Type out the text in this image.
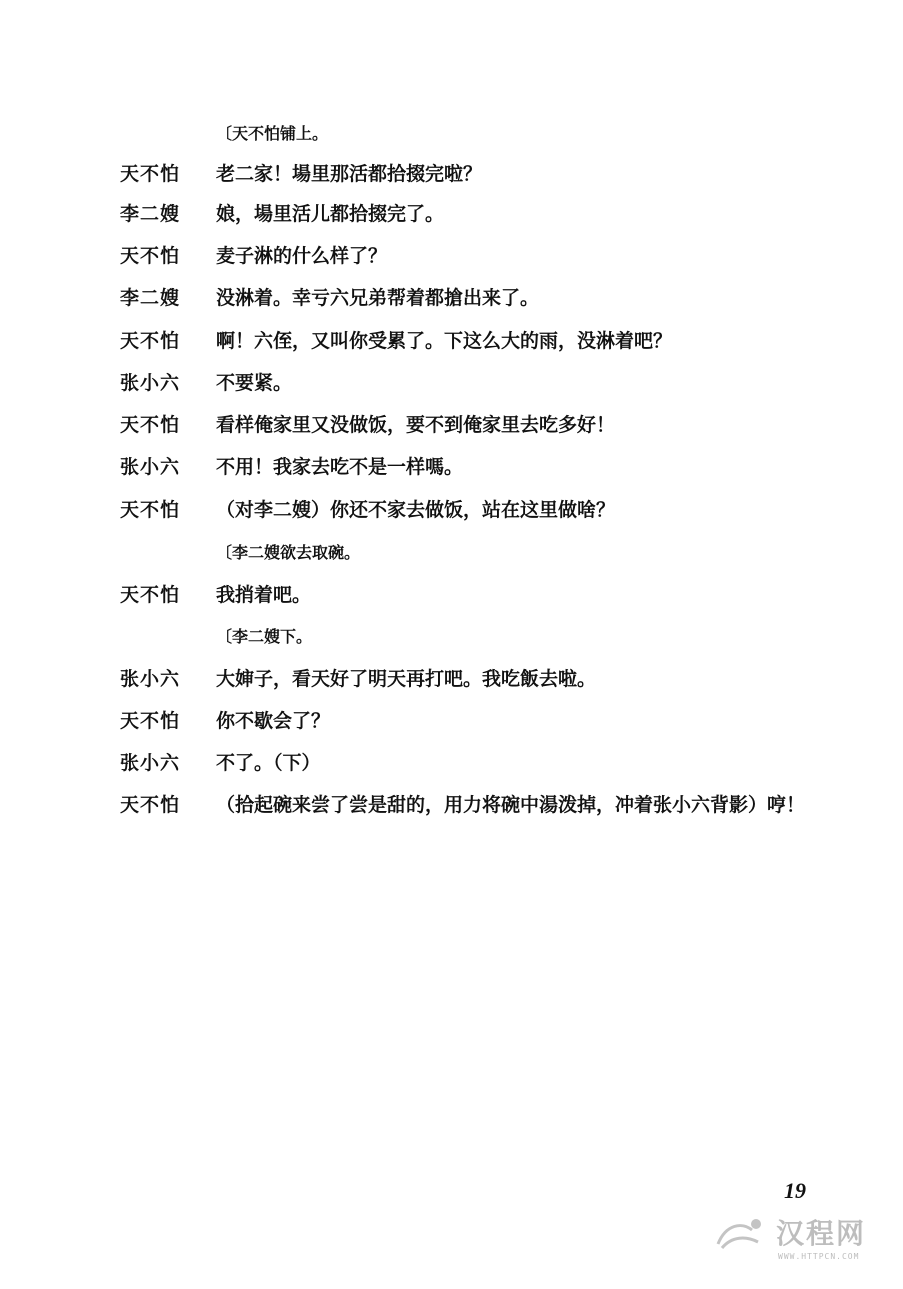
〔天不怕铺上。
天不怕 老二家！場里那活都拾掇完啦？
李二嫂 娘，場里活儿都拾掇完了。
天不怕 麦子淋的什么样了？
李二嫂 没淋着。幸亏六兄弟帮着都搶出来了。
天不怕 啊！六侄，又叫你受累了。下这么大的雨，没淋着吧？
张小六 不要紧。
天不怕 看样俺家里又没做饭，要不到俺家里去吃多好！
张小六 不用！我家去吃不是一样嗎。
天不怕 （对李二嫂）你还不家去做饭，站在这里做啥？
〔李二嫂欲去取碗。
天不怕 我捎着吧。
〔李二嫂下。
张小六 大婶子，看天好了明天再打吧。我吃飯去啦。
天不怕 你不歇会了？
张小六 不了。（下）
天不怕 （拾起碗来尝了尝是甜的，用力将碗中湯泼掉，冲着张小六背影）哼！
19
汉程网
WWW.HTTPCN.COM
